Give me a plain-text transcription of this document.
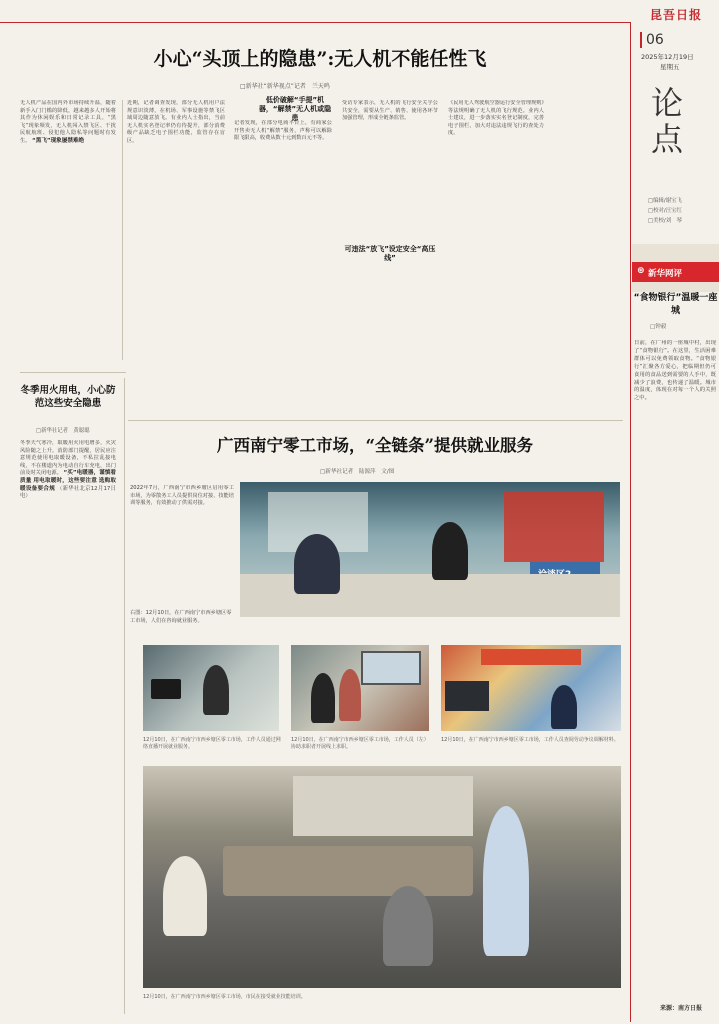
昆吾日报
06
2025年12月19日
星期五
小心“头顶上的隐患”:无人机不能任性飞
□新华社“新华视点”记者　兰天鸣
无人机产品在国内外市场持续升温，随着新手入门门槛的降低，越来越多人开始将其作为休闲娱乐和日常记录工具。“黑飞”现象频发，无人机闯入禁飞区、干扰民航航班、侵犯他人隐私等问题时有发生。 “黑飞”现象屡禁难绝
近期，记者调查发现，部分无人机用户法规意识淡薄，在机场、军事设施等禁飞区域周边随意放飞。有业内人士指出，当前无人机实名登记率仍有待提升，部分消费级产品缺乏电子围栏功能，监管存在盲区。
低价破解“手提”机器，“解禁”无人机或隐患
记者发现，在部分电商平台上，有商家公开售卖无人机“解禁”服务，声称可以解除限飞限高，收费从数十元到数百元不等。
受访专家表示，无人机的飞行安全关乎公共安全，需要从生产、销售、使用各环节加强管理，形成全链条监管。
可违法“放飞”设定安全“高压线”
《民用无人驾驶航空器运行安全管理规则》等法规明确了无人机的飞行规范。业内人士建议，进一步落实实名登记制度，完善电子围栏，加大对违法违规飞行的查处力度。
冬季用火用电，小心防范这些安全隐患
□新华社记者　黄聪聪
冬季天气寒冷，取暖用火用电增多，火灾风险随之上升。消防部门提醒，居民应注意规范使用电取暖设备，不私拉乱接电线，不在楼道内为电动自行车充电，出门前及时关闭电源。 “买”电暖器，谨慎看质量 用电取暖时，这些要注意 选购取暖设备要合规 （新华社北京12月17日电）
广西南宁零工市场，“全链条”提供就业服务
□新华社记者　陆源萍　文/图
2022年7月，广西南宁市西乡塘区启用零工市场，为零散务工人员提供岗位对接、技能培训等服务，有效推动了供需对接。
右图：12月10日，在广西南宁市西乡塘区零工市场，人们在咨询就业服务。
12月10日，在广西南宁市西乡塘区零工市场，工作人员通过网络直播开展就业服务。
12月10日，在广西南宁市西乡塘区零工市场，工作人员（左）协助求职者开展线上求职。
12月10日，在广西南宁市西乡塘区零工市场，工作人员查阅劳动争议调解材料。
12月10日，在广西南宁市西乡塘区零工市场，市民在接受就业技能培训。
论点
□编辑/谢宝飞
□校对/汪宝红
□美校/刘　琴
⊛ 新华网评
“食物银行”温暖一座城
□钟毅
日前，在广州的一座城中村，出现了“食物银行”。在这里，生活困难群体可以免费领取食物。“食物银行”汇聚各方爱心，把临期但仍可食用的食品送到需要的人手中，既减少了浪费，也传递了温暖。城市的温度，体现在对每一个人的关照之中。
来源：南方日报
